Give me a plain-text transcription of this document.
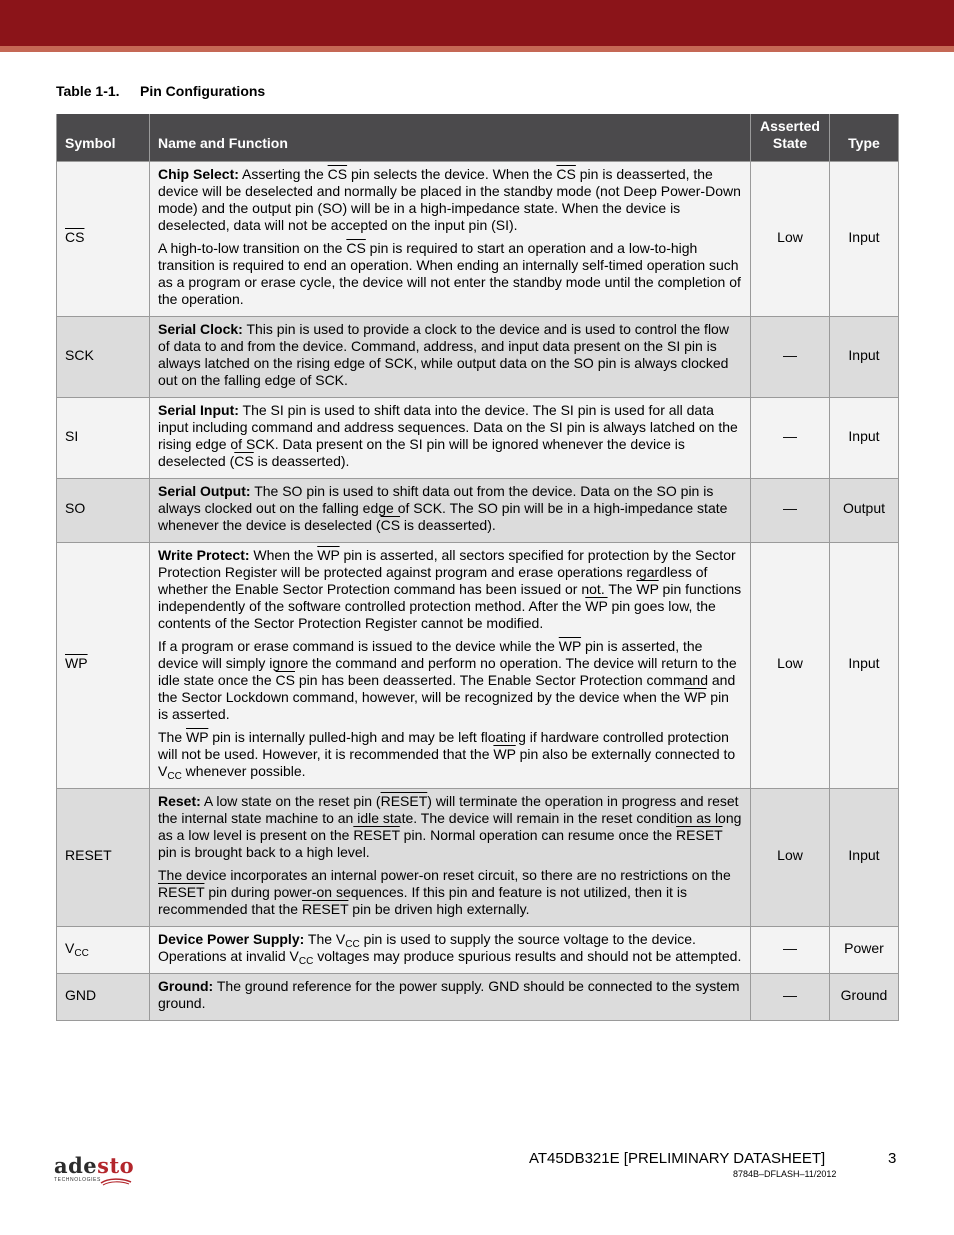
Table 1-1. Pin Configurations
Symbol	Name and Function	Asserted State	Type
$\overline{CS}$	Chip Select: Asserting the $\overline{CS}$ pin selects the device. When the $\overline{CS}$ pin is deasserted, the device will be deselected and normally be placed in the standby mode (not Deep Power-Down mode) and the output pin (SO) will be in a high-impedance state. When the device is deselected, data will not be accepted on the input pin (SI).

A high-to-low transition on the $\overline{CS}$ pin is required to start an operation and a low-to-high transition is required to end an operation. When ending an internally self-timed operation such as a program or erase cycle, the device will not enter the standby mode until the completion of the operation.	Low	Input
SCK	Serial Clock: This pin is used to provide a clock to the device and is used to control the flow of data to and from the device. Command, address, and input data present on the SI pin is always latched on the rising edge of SCK, while output data on the SO pin is always clocked out on the falling edge of SCK.	—	Input
SI	Serial Input: The SI pin is used to shift data into the device. The SI pin is used for all data input including command and address sequences. Data on the SI pin is always latched on the rising edge of SCK. Data present on the SI pin will be ignored whenever the device is deselected ($\overline{CS}$ is deasserted).	—	Input
SO	Serial Output: The SO pin is used to shift data out from the device. Data on the SO pin is always clocked out on the falling edge of SCK. The SO pin will be in a high-impedance state whenever the device is deselected ($\overline{CS}$ is deasserted).	—	Output
$\overline{WP}$	Write Protect: When the $\overline{WP}$ pin is asserted, all sectors specified for protection by the Sector Protection Register will be protected against program and erase operations regardless of whether the Enable Sector Protection command has been issued or not. The $\overline{WP}$ pin functions independently of the software controlled protection method. After the $\overline{WP}$ pin goes low, the contents of the Sector Protection Register cannot be modified.

If a program or erase command is issued to the device while the $\overline{WP}$ pin is asserted, the device will simply ignore the command and perform no operation. The device will return to the idle state once the $\overline{CS}$ pin has been deasserted. The Enable Sector Protection command and the Sector Lockdown command, however, will be recognized by the device when the $\overline{WP}$ pin is asserted.

The $\overline{WP}$ pin is internally pulled-high and may be left floating if hardware controlled protection will not be used. However, it is recommended that the $\overline{WP}$ pin also be externally connected to $V_{CC}$ whenever possible.	Low	Input
RESET	Reset: A low state on the reset pin (RESET) will terminate the operation in progress and reset the internal state machine to an idle state. The device will remain in the reset condition as long as a low level is present on the RESET pin. Normal operation can resume once the RESET pin is brought back to a high level.

The device incorporates an internal power-on reset circuit, so there are no restrictions on the RESET pin during power-on sequences. If this pin and feature is not utilized, then it is recommended that the RESET pin be driven high externally.	Low	Input
$V_{CC}$	Device Power Supply: The $V_{CC}$ pin is used to supply the source voltage to the device. Operations at invalid $V_{CC}$ voltages may produce spurious results and should not be attempted.	—	Power
GND	Ground: The ground reference for the power supply. GND should be connected to the system ground.	—	Ground
adesto
TECHNOLOGIES
AT45DB321E [PRELIMINARY DATASHEET]	3
8784B–DFLASH–11/2012
